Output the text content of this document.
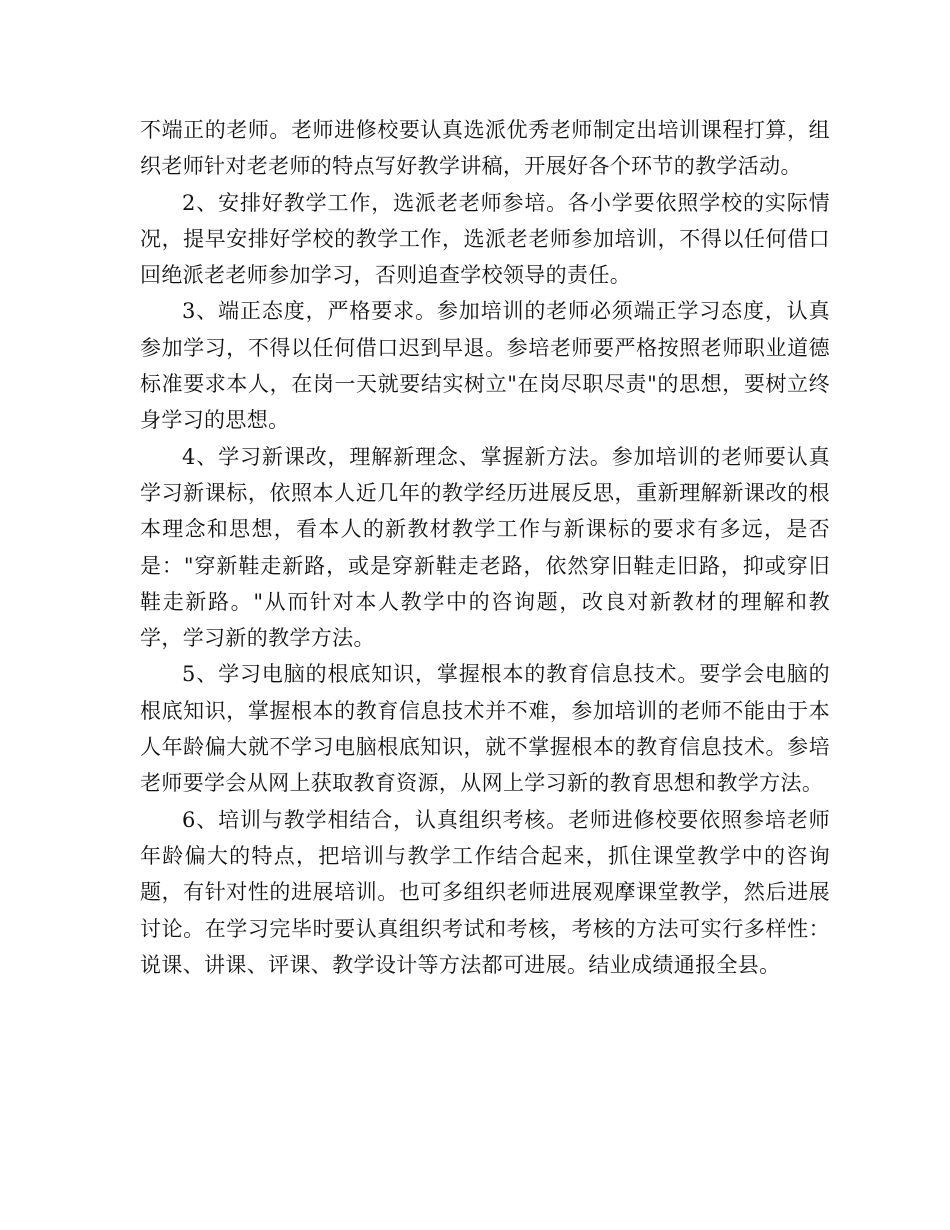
不端正的老师。老师进修校要认真选派优秀老师制定出培训课程打算，组织老师针对老老师的特点写好教学讲稿，开展好各个环节的教学活动。

2、安排好教学工作，选派老老师参培。各小学要依照学校的实际情况，提早安排好学校的教学工作，选派老老师参加培训，不得以任何借口回绝派老老师参加学习，否则追查学校领导的责任。

3、端正态度，严格要求。参加培训的老师必须端正学习态度，认真参加学习，不得以任何借口迟到早退。参培老师要严格按照老师职业道德标准要求本人，在岗一天就要结实树立"在岗尽职尽责"的思想，要树立终身学习的思想。

4、学习新课改，理解新理念、掌握新方法。参加培训的老师要认真学习新课标，依照本人近几年的教学经历进展反思，重新理解新课改的根本理念和思想，看本人的新教材教学工作与新课标的要求有多远，是否是："穿新鞋走新路，或是穿新鞋走老路，依然穿旧鞋走旧路，抑或穿旧鞋走新路。"从而针对本人教学中的咨询题，改良对新教材的理解和教学，学习新的教学方法。

5、学习电脑的根底知识，掌握根本的教育信息技术。要学会电脑的根底知识，掌握根本的教育信息技术并不难，参加培训的老师不能由于本人年龄偏大就不学习电脑根底知识，就不掌握根本的教育信息技术。参培老师要学会从网上获取教育资源，从网上学习新的教育思想和教学方法。

6、培训与教学相结合，认真组织考核。老师进修校要依照参培老师年龄偏大的特点，把培训与教学工作结合起来，抓住课堂教学中的咨询题，有针对性的进展培训。也可多组织老师进展观摩课堂教学，然后进展讨论。在学习完毕时要认真组织考试和考核，考核的方法可实行多样性：说课、讲课、评课、教学设计等方法都可进展。结业成绩通报全县。
